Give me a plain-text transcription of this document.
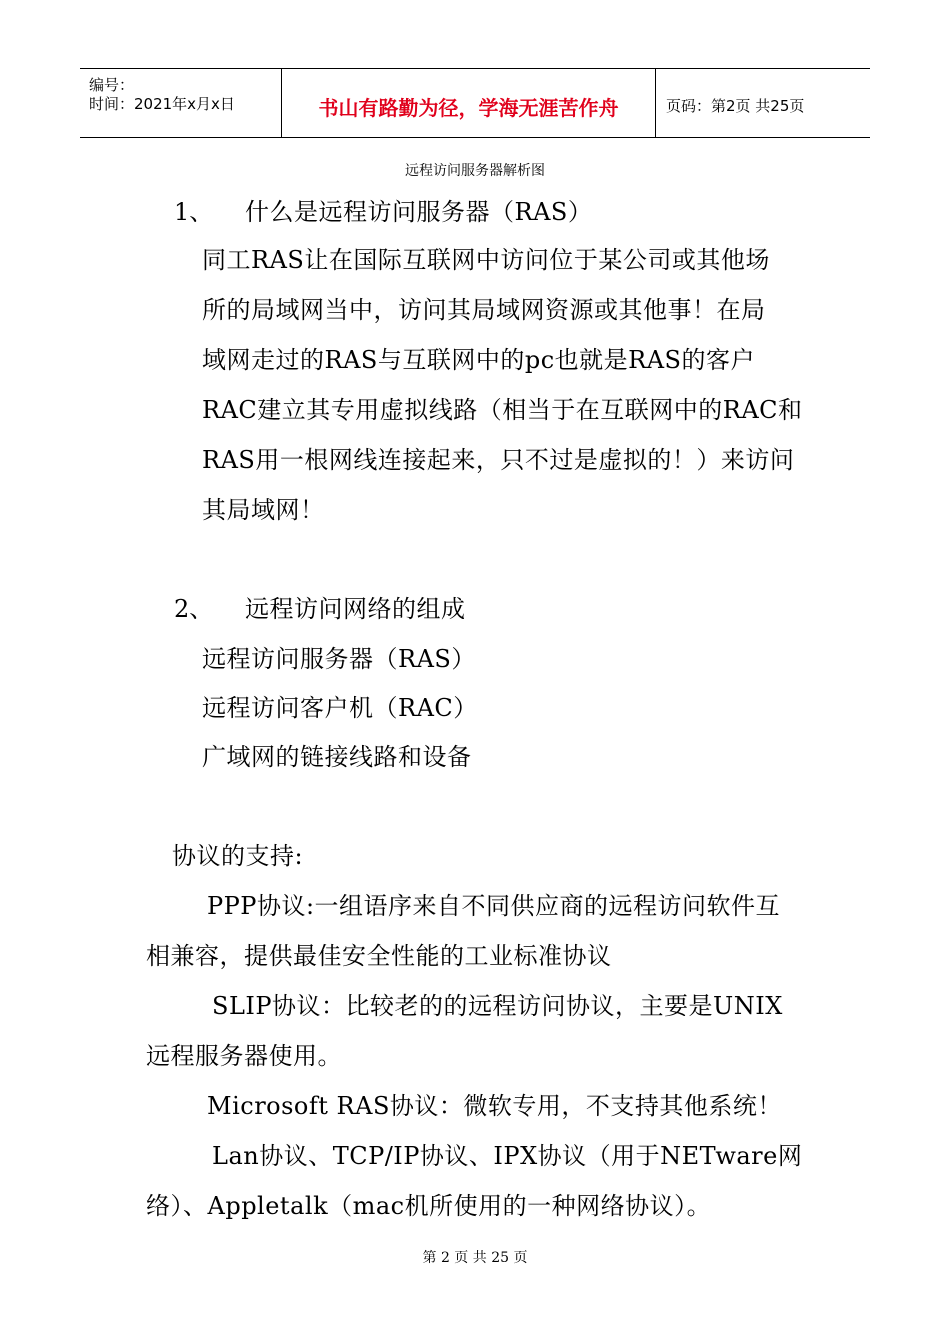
编号：
时间：2021年x月x日	书山有路勤为径，学海无涯苦作舟	页码：第2页 共25页
远程访问服务器解析图
1、 什么是远程访问服务器（RAS）
同工RAS让在国际互联网中访问位于某公司或其他场
所的局域网当中，访问其局域网资源或其他事！在局
域网走过的RAS与互联网中的pc也就是RAS的客户
RAC建立其专用虚拟线路（相当于在互联网中的RAC和
RAS用一根网线连接起来，只不过是虚拟的！）来访问
其局域网！
2、 远程访问网络的组成
远程访问服务器（RAS）
远程访问客户机（RAC）
广域网的链接线路和设备
协议的支持:
PPP协议:一组语序来自不同供应商的远程访问软件互
相兼容，提供最佳安全性能的工业标准协议
SLIP协议：比较老的的远程访问协议，主要是UNIX
远程服务器使用。
Microsoft RAS协议：微软专用，不支持其他系统！
Lan协议、TCP/IP协议、IPX协议（用于NETware网
络）、Appletalk（mac机所使用的一种网络协议）。
第 2 页 共 25 页
